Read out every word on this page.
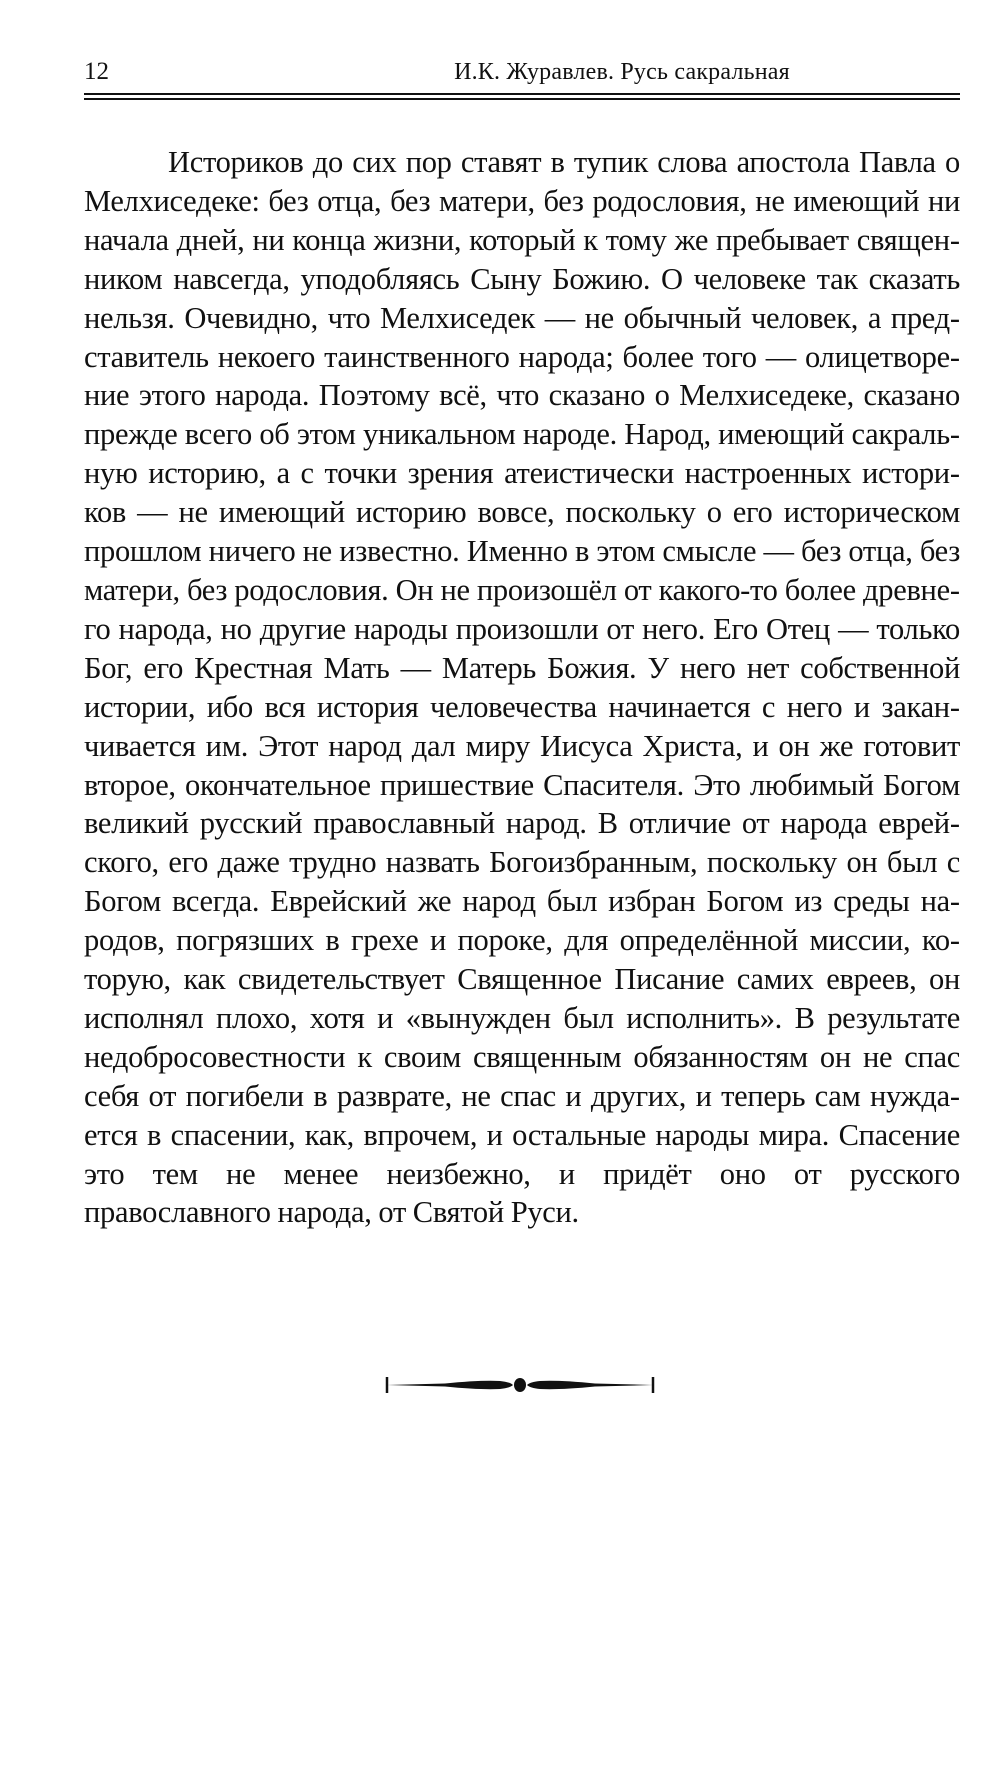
12	И.К. Журавлев. Русь сакральная

Историков до сих пор ставят в тупик слова апостола Павла о Мелхиседеке: без отца, без матери, без родословия, не имеющий ни начала дней, ни конца жизни, который к тому же пребывает священником навсегда, уподобляясь Сыну Божию. О человеке так сказать нельзя. Очевидно, что Мелхиседек — не обычный человек, а представитель некоего таинственного народа; более того — олицетворение этого народа. Поэтому всё, что сказано о Мелхиседеке, сказано прежде всего об этом уникальном народе. Народ, имеющий сакральную историю, а с точки зрения атеистически настроенных историков — не имеющий историю вовсе, поскольку о его историческом прошлом ничего не известно. Именно в этом смысле — без отца, без матери, без родословия. Он не произошёл от какого-то более древнего народа, но другие народы произошли от него. Его Отец — только Бог, его Крестная Мать — Матерь Божия. У него нет собственной истории, ибо вся история человечества начинается с него и заканчивается им. Этот народ дал миру Иисуса Христа, и он же готовит второе, окончательное пришествие Спасителя. Это любимый Богом великий русский православный народ. В отличие от народа еврейского, его даже трудно назвать Богоизбранным, поскольку он был с Богом всегда. Еврейский же народ был избран Богом из среды народов, погрязших в грехе и пороке, для определённой миссии, которую, как свидетельствует Священное Писание самих евреев, он исполнял плохо, хотя и «вынужден был исполнить». В результате недобросовестности к своим священным обязанностям он не спас себя от погибели в разврате, не спас и других, и теперь сам нуждается в спасении, как, впрочем, и остальные народы мира. Спасение это тем не менее неизбежно, и придёт оно от русского православного народа, от Святой Руси.
